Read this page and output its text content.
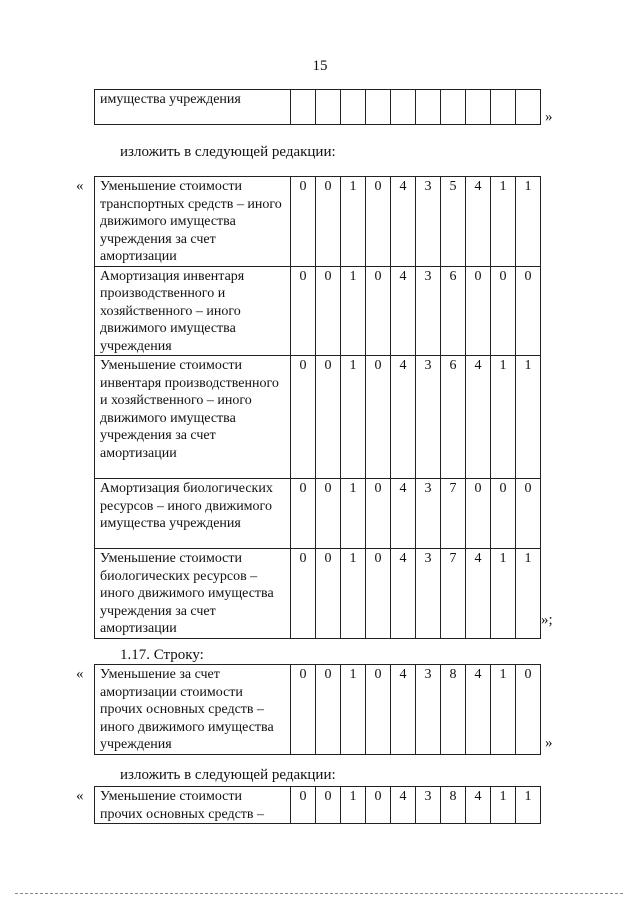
15
имущества учреждения										
»
изложить в следующей редакции:
« Уменьшение стоимости транспортных средств – иного движимого имущества учреждения за счет амортизации	0	0	1	0	4	3	5	4	1	1
Амортизация инвентаря производственного и хозяйственного – иного движимого имущества учреждения	0	0	1	0	4	3	6	0	0	0
Уменьшение стоимости инвентаря производственного и хозяйственного – иного движимого имущества учреждения за счет амортизации	0	0	1	0	4	3	6	4	1	1
Амортизация биологических ресурсов – иного движимого имущества учреждения	0	0	1	0	4	3	7	0	0	0
Уменьшение стоимости биологических ресурсов – иного движимого имущества учреждения за счет амортизации	0	0	1	0	4	3	7	4	1	1
»;
1.17. Строку:
« Уменьшение за счет амортизации стоимости прочих основных средств – иного движимого имущества учреждения	0	0	1	0	4	3	8	4	1	0
»
изложить в следующей редакции:
« Уменьшение стоимости прочих основных средств –	0	0	1	0	4	3	8	4	1	1
